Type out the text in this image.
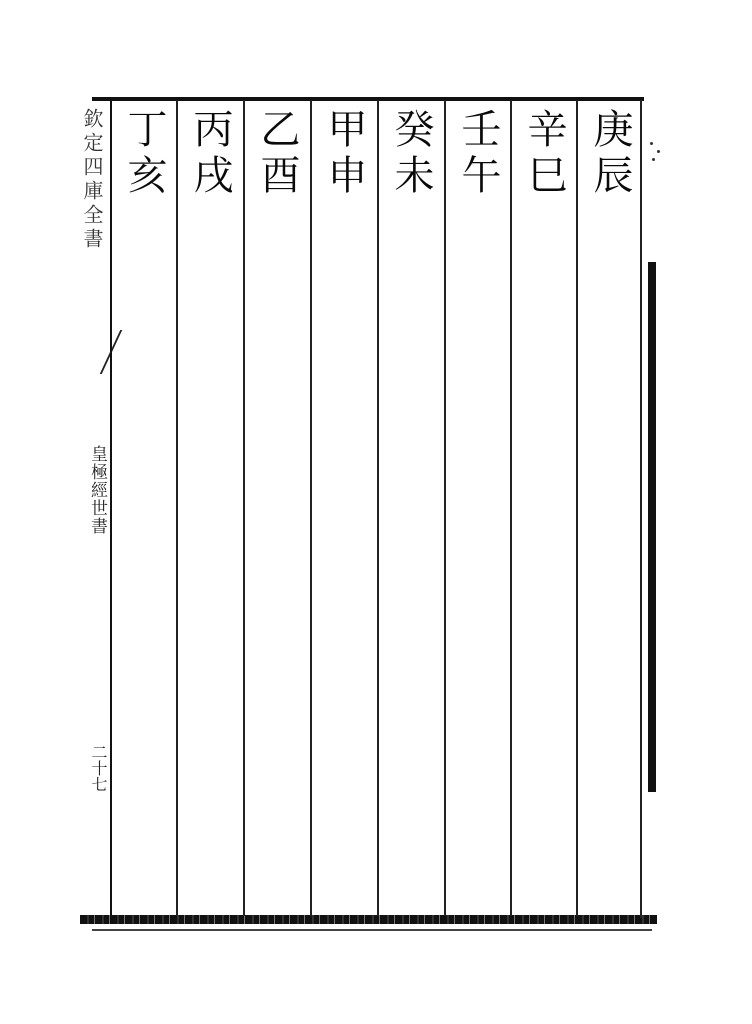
欽定四庫全書
皇極經世書
二十七
庚辰
辛巳
壬午
癸未
甲申
乙酉
丙戌
丁亥
